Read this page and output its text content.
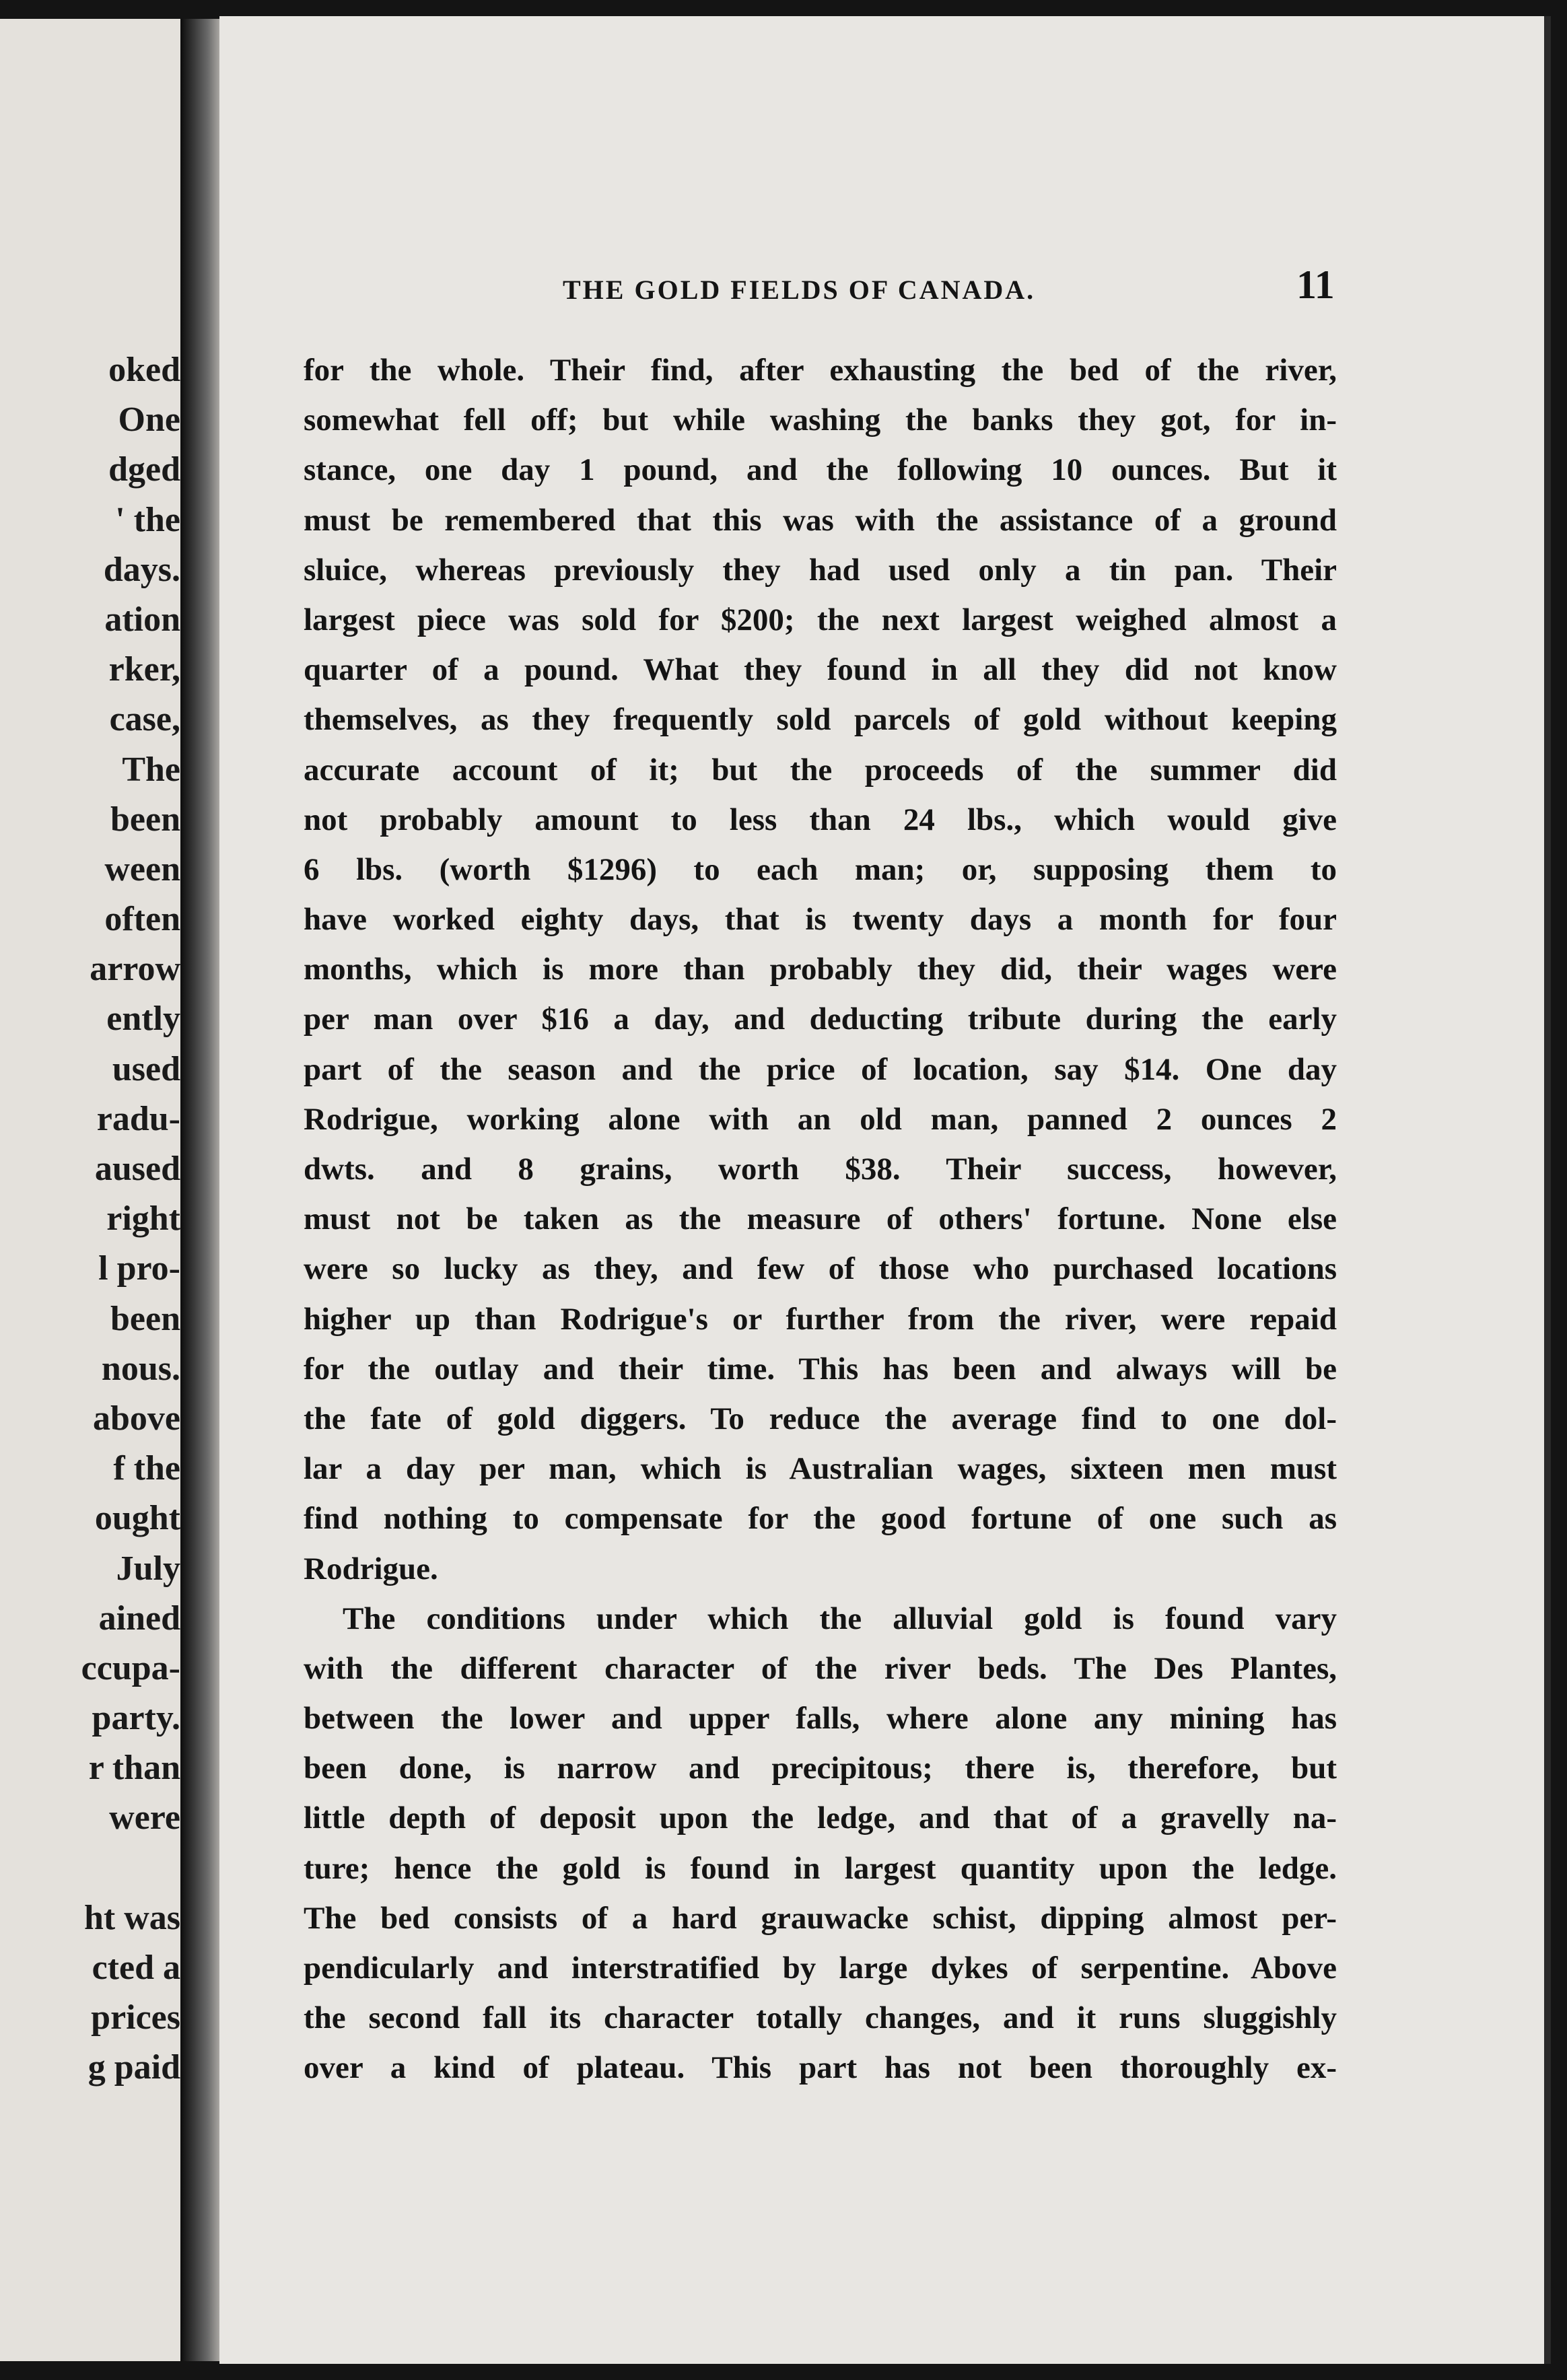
oked
One
dged
' the
days.
ation
rker,
case,
The
been
ween
often
arrow
ently
used
radu-
aused
right
l pro-
been
nous.
above
f the
ought
July
ained
ccupa-
party.
r than
were
ht was
cted a
prices
g paid
THE GOLD FIELDS OF CANADA.	11
for the whole. Their find, after exhausting the bed of the river,
somewhat fell off; but while washing the banks they got, for in-
stance, one day 1 pound, and the following 10 ounces. But it
must be remembered that this was with the assistance of a ground
sluice, whereas previously they had used only a tin pan. Their
largest piece was sold for $200; the next largest weighed almost a
quarter of a pound. What they found in all they did not know
themselves, as they frequently sold parcels of gold without keeping
accurate account of it; but the proceeds of the summer did
not probably amount to less than 24 lbs., which would give
6 lbs. (worth $1296) to each man; or, supposing them to
have worked eighty days, that is twenty days a month for four
months, which is more than probably they did, their wages were
per man over $16 a day, and deducting tribute during the early
part of the season and the price of location, say $14. One day
Rodrigue, working alone with an old man, panned 2 ounces 2
dwts. and 8 grains, worth $38. Their success, however,
must not be taken as the measure of others' fortune. None else
were so lucky as they, and few of those who purchased locations
higher up than Rodrigue's or further from the river, were repaid
for the outlay and their time. This has been and always will be
the fate of gold diggers. To reduce the average find to one dol-
lar a day per man, which is Australian wages, sixteen men must
find nothing to compensate for the good fortune of one such as
Rodrigue.
The conditions under which the alluvial gold is found vary
with the different character of the river beds. The Des Plantes,
between the lower and upper falls, where alone any mining has
been done, is narrow and precipitous; there is, therefore, but
little depth of deposit upon the ledge, and that of a gravelly na-
ture; hence the gold is found in largest quantity upon the ledge.
The bed consists of a hard grauwacke schist, dipping almost per-
pendicularly and interstratified by large dykes of serpentine. Above
the second fall its character totally changes, and it runs sluggishly
over a kind of plateau. This part has not been thoroughly ex-
